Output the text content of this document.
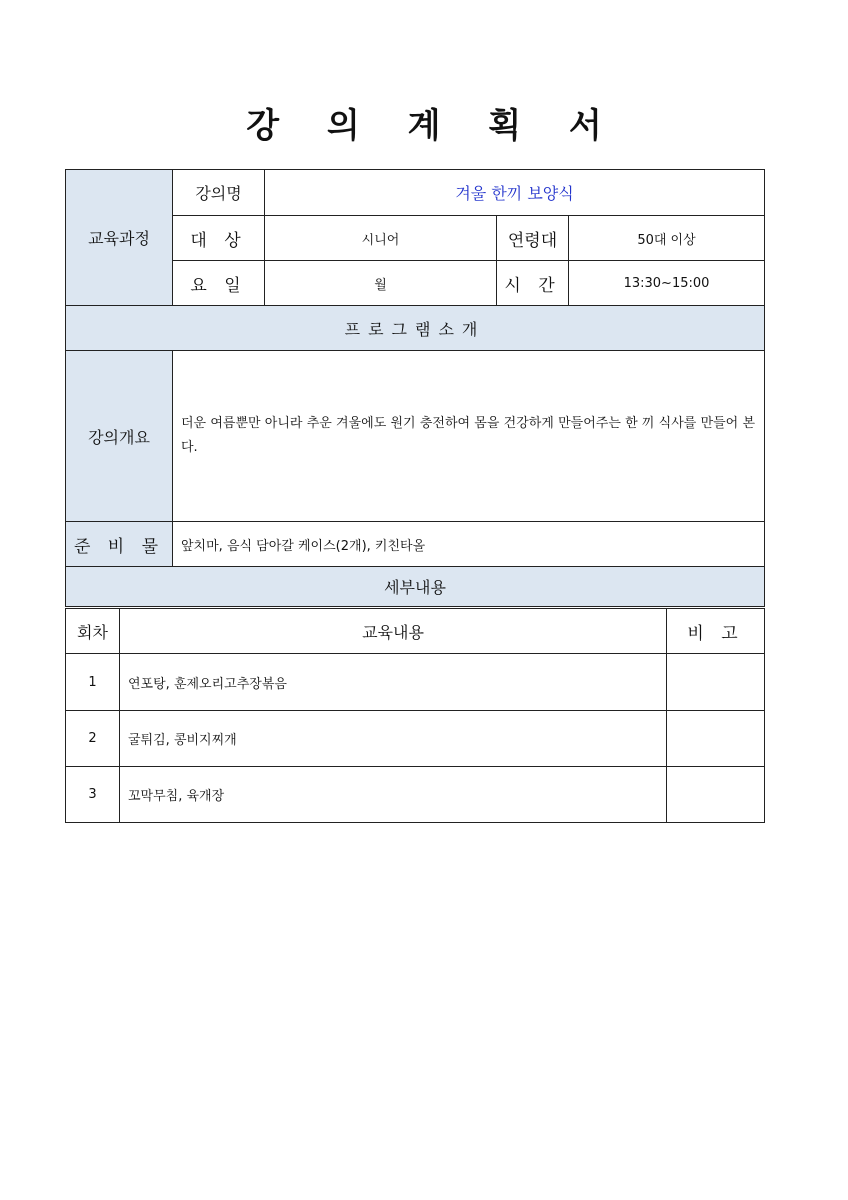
강 의 계 획 서
교육과정	강의명	겨울 한끼 보양식		
	대 상	시니어	연령대	50대 이상
	요 일	월	시 간	13:30~15:00
프로그램소개				
강의개요	더운 여름뿐만 아니라 추운 겨울에도 원기 충전하여 몸을 건강하게 만들어주는 한 끼 식사를 만들어 본다.			
준 비 물	앞치마, 음식 담아갈 케이스(2개), 키친타올			
세부내용				
회차	교육내용	비 고
1	연포탕, 훈제오리고추장볶음	
2	굴튀김, 콩비지찌개	
3	꼬막무침, 육개장	
